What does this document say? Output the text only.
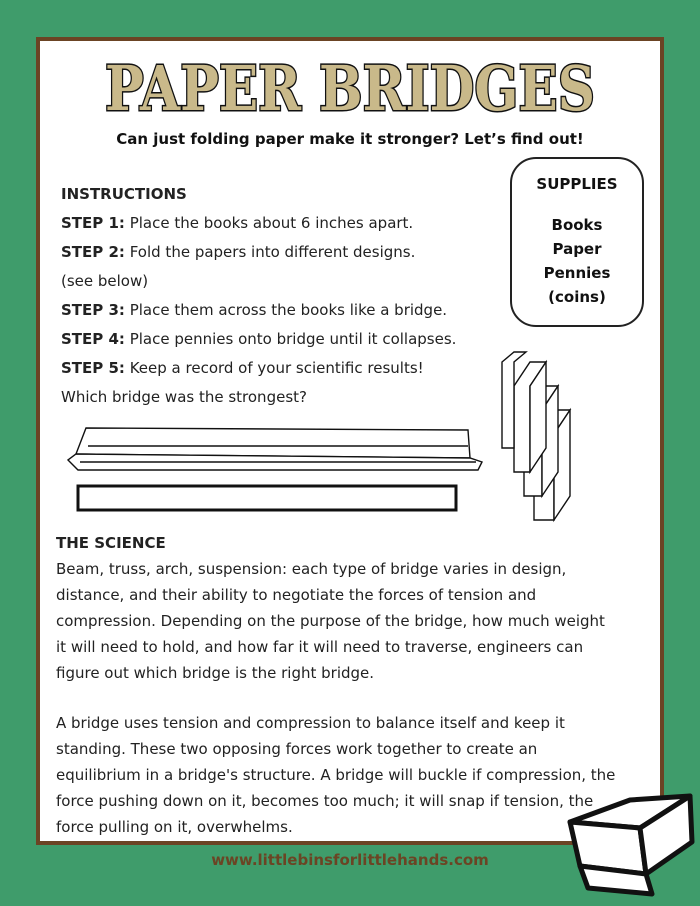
PAPER BRIDGES
Can just folding paper make it stronger? Let’s find out!
INSTRUCTIONS
STEP 1: Place the books about 6 inches apart.
STEP 2: Fold the papers into different designs.
(see below)
STEP 3: Place them across the books like a bridge.
STEP 4: Place pennies onto bridge until it collapses.
STEP 5: Keep a record of your scientific results!
Which bridge was the strongest?
SUPPLIES
Books
Paper
Pennies
(coins)
THE SCIENCE

Beam, truss, arch, suspension: each type of bridge varies in design, distance, and their ability to negotiate the forces of tension and compression. Depending on the purpose of the bridge, how much weight it will need to hold, and how far it will need to traverse, engineers can figure out which bridge is the right bridge.

A bridge uses tension and compression to balance itself and keep it standing. These two opposing forces work together to create an equilibrium in a bridge's structure. A bridge will buckle if compression, the force pushing down on it, becomes too much; it will snap if tension, the force pulling on it, overwhelms.

www.littlebinsforlittlehands.com
